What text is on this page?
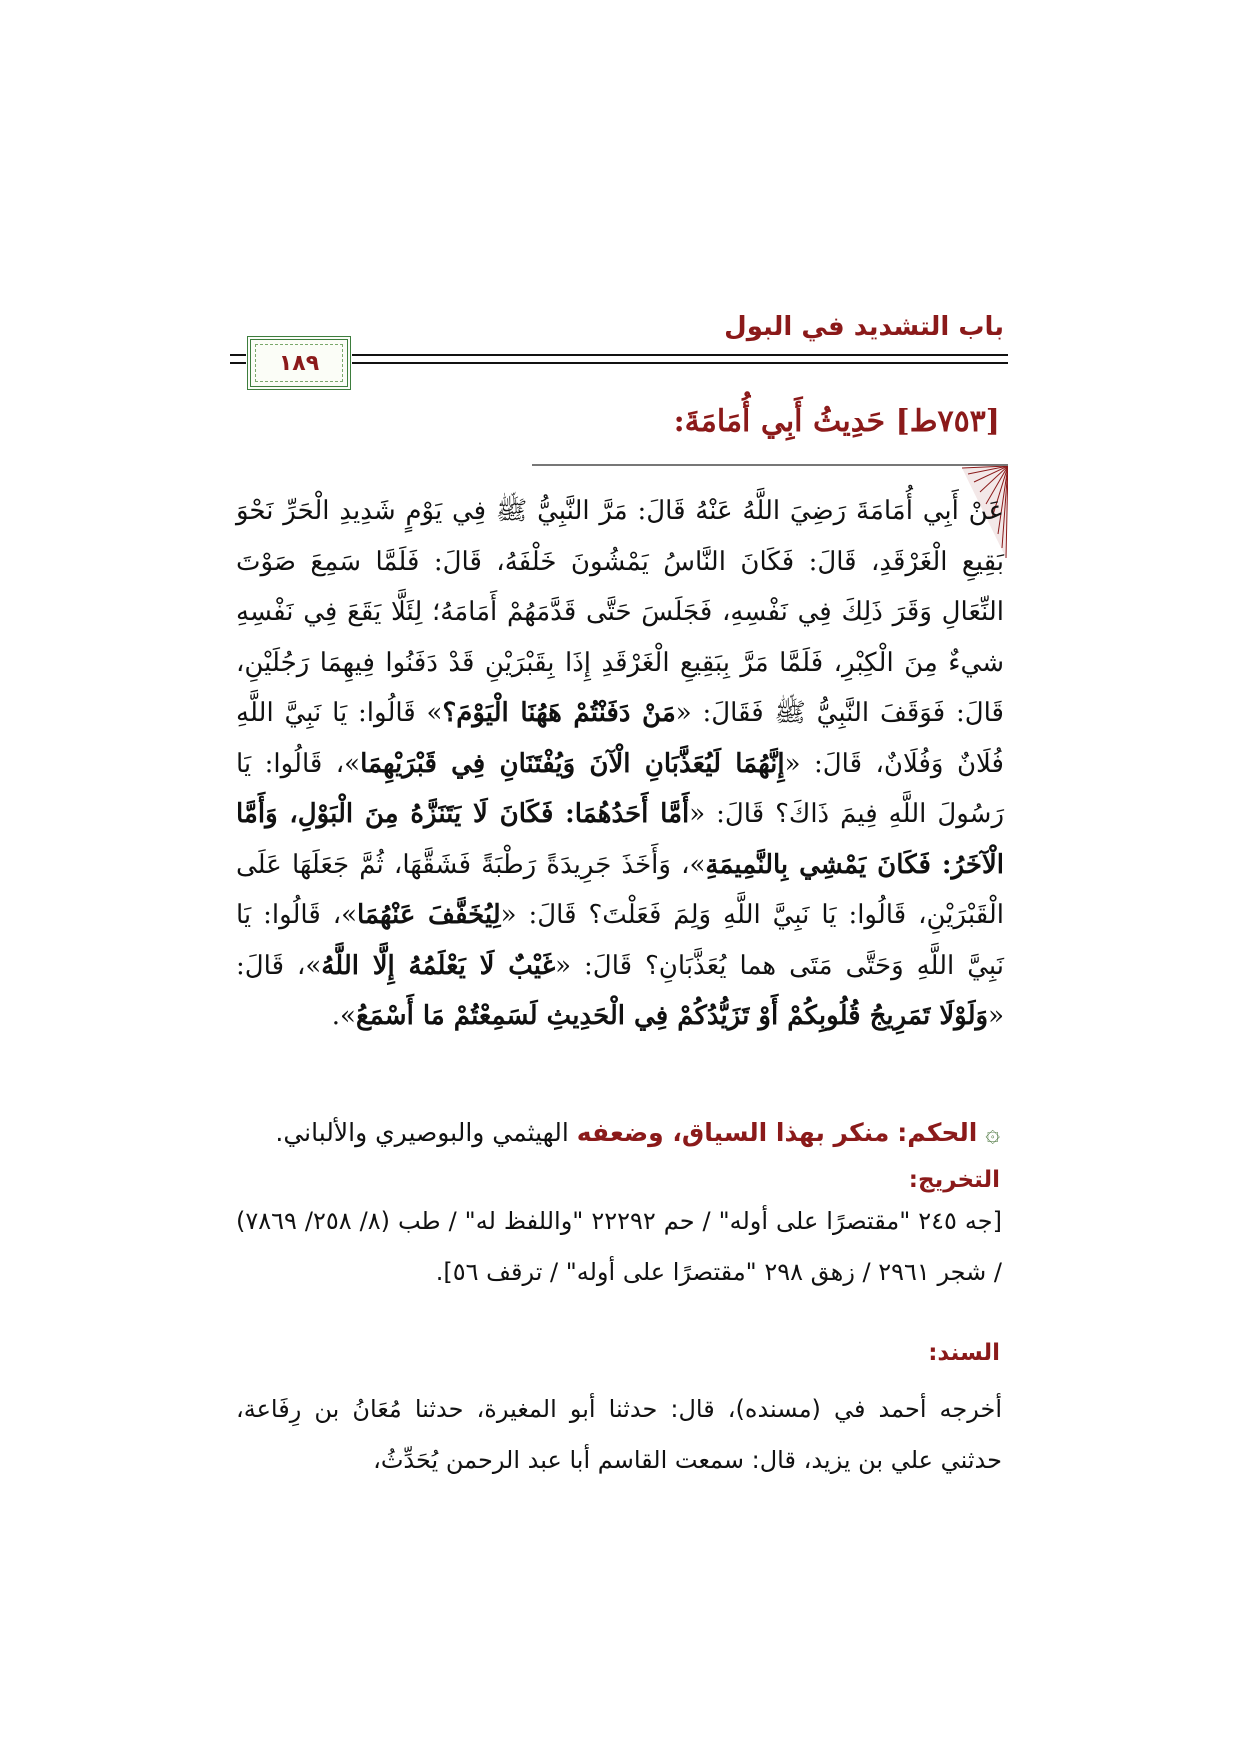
باب التشديد في البول
١٨٩
[٧٥٣ط] حَدِيثُ أَبِي أُمَامَةَ:
عَنْ أَبِي أُمَامَةَ رَضِيَ اللَّهُ عَنْهُ قَالَ: مَرَّ النَّبِيُّ ﷺ فِي يَوْمٍ شَدِيدِ الْحَرِّ نَحْوَ بَقِيعِ الْغَرْقَدِ، قَالَ: فَكَانَ النَّاسُ يَمْشُونَ خَلْفَهُ، قَالَ: فَلَمَّا سَمِعَ صَوْتَ النِّعَالِ وَقَرَ ذَلِكَ فِي نَفْسِهِ، فَجَلَسَ حَتَّى قَدَّمَهُمْ أَمَامَهُ؛ لِئَلَّا يَقَعَ فِي نَفْسِهِ شيءٌ مِنَ الْكِبْرِ، فَلَمَّا مَرَّ بِبَقِيعِ الْغَرْقَدِ إِذَا بِقَبْرَيْنِ قَدْ دَفَنُوا فِيهِمَا رَجُلَيْنِ، قَالَ: فَوَقَفَ النَّبِيُّ ﷺ فَقَالَ: «مَنْ دَفَنْتُمْ هَهُنَا الْيَوْمَ؟» قَالُوا: يَا نَبِيَّ اللَّهِ فُلَانٌ وَفُلَانٌ، قَالَ: «إِنَّهُمَا لَيُعَذَّبَانِ الْآنَ وَيُفْتَنَانِ فِي قَبْرَيْهِمَا»، قَالُوا: يَا رَسُولَ اللَّهِ فِيمَ ذَاكَ؟ قَالَ: «أَمَّا أَحَدُهُمَا: فَكَانَ لَا يَتَنَزَّهُ مِنَ الْبَوْلِ، وَأَمَّا الْآخَرُ: فَكَانَ يَمْشِي بِالنَّمِيمَةِ»، وَأَخَذَ جَرِيدَةً رَطْبَةً فَشَقَّهَا، ثُمَّ جَعَلَهَا عَلَى الْقَبْرَيْنِ، قَالُوا: يَا نَبِيَّ اللَّهِ وَلِمَ فَعَلْتَ؟ قَالَ: «لِيُخَفَّفَ عَنْهُمَا»، قَالُوا: يَا نَبِيَّ اللَّهِ وَحَتَّى مَتَى هما يُعَذَّبَانِ؟ قَالَ: «غَيْبٌ لَا يَعْلَمُهُ إِلَّا اللَّهُ»، قَالَ: «وَلَوْلَا تَمَرِيجُ قُلُوبِكُمْ أَوْ تَزَيُّدُكُمْ فِي الْحَدِيثِ لَسَمِعْتُمْ مَا أَسْمَعُ».
۞ الحكم: منكر بهذا السياق، وضعفه الهيثمي والبوصيري والألباني.
التخريج:
[جه ٢٤٥ "مقتصرًا على أوله" / حم ٢٢٢٩٢ "واللفظ له" / طب (٨/ ٢٥٨/ ٧٨٦٩) / شجر ٢٩٦١ / زهق ٢٩٨ "مقتصرًا على أوله" / ترقف ٥٦].
السند:
أخرجه أحمد في (مسنده)، قال: حدثنا أبو المغيرة، حدثنا مُعَانُ بن رِفَاعة، حدثني علي بن يزيد، قال: سمعت القاسم أبا عبد الرحمن يُحَدِّثُ،
